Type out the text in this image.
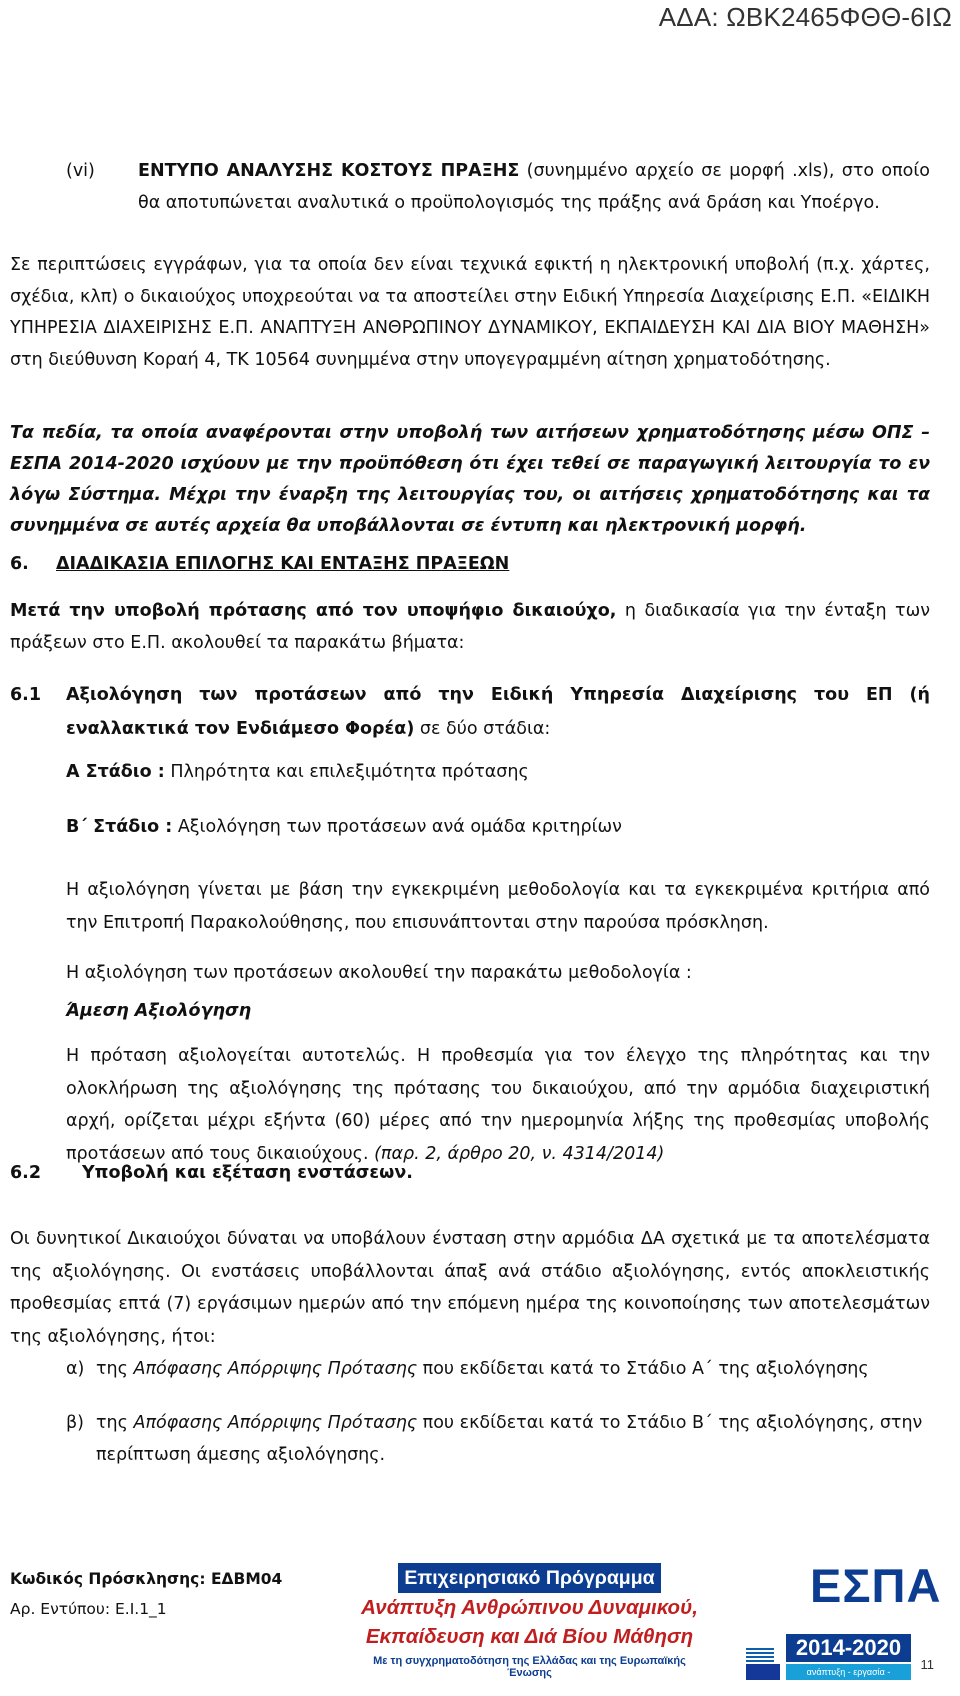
ΑΔΑ: ΩΒΚ2465ΦΘΘ-6ΙΩ
(vi) ΕΝΤΥΠΟ ΑΝΑΛΥΣΗΣ ΚΟΣΤΟΥΣ ΠΡΑΞΗΣ (συνημμένο αρχείο σε μορφή .xls), στο οποίο θα αποτυπώνεται αναλυτικά ο προϋπολογισμός της πράξης ανά δράση και Υποέργο.
Σε περιπτώσεις εγγράφων, για τα οποία δεν είναι τεχνικά εφικτή η ηλεκτρονική υποβολή (π.χ. χάρτες, σχέδια, κλπ) ο δικαιούχος υποχρεούται να τα αποστείλει στην Ειδική Υπηρεσία Διαχείρισης Ε.Π. «ΕΙΔΙΚΗ ΥΠΗΡΕΣΙΑ ΔΙΑΧΕΙΡΙΣΗΣ Ε.Π. ΑΝΑΠΤΥΞΗ ΑΝΘΡΩΠΙΝΟΥ ΔΥΝΑΜΙΚΟΥ, ΕΚΠΑΙΔΕΥΣΗ ΚΑΙ ΔΙΑ ΒΙΟΥ ΜΑΘΗΣΗ» στη διεύθυνση Κοραή 4, ΤΚ 10564 συνημμένα στην υπογεγραμμένη αίτηση χρηματοδότησης.
Τα πεδία, τα οποία αναφέρονται στην υποβολή των αιτήσεων χρηματοδότησης μέσω ΟΠΣ – ΕΣΠΑ 2014-2020 ισχύουν με την προϋπόθεση ότι έχει τεθεί σε παραγωγική λειτουργία το εν λόγω Σύστημα. Μέχρι την έναρξη της λειτουργίας του, οι αιτήσεις χρηματοδότησης και τα συνημμένα σε αυτές αρχεία θα υποβάλλονται σε έντυπη και ηλεκτρονική μορφή.
6. ΔΙΑΔΙΚΑΣΙΑ ΕΠΙΛΟΓΗΣ ΚΑΙ ΕΝΤΑΞΗΣ ΠΡΑΞΕΩΝ
Μετά την υποβολή πρότασης από τον υποψήφιο δικαιούχο, η διαδικασία για την ένταξη των πράξεων στο Ε.Π. ακολουθεί τα παρακάτω βήματα:
6.1 Αξιολόγηση των προτάσεων από την Ειδική Υπηρεσία Διαχείρισης του ΕΠ (ή εναλλακτικά τον Ενδιάμεσο Φορέα) σε δύο στάδια:
Α Στάδιο : Πληρότητα και επιλεξιμότητα πρότασης
Β΄ Στάδιο : Αξιολόγηση των προτάσεων ανά ομάδα κριτηρίων
Η αξιολόγηση γίνεται με βάση την εγκεκριμένη μεθοδολογία και τα εγκεκριμένα κριτήρια από την Επιτροπή Παρακολούθησης, που επισυνάπτονται στην παρούσα πρόσκληση.
Η αξιολόγηση των προτάσεων ακολουθεί την παρακάτω μεθοδολογία :
Άμεση Αξιολόγηση
Η πρόταση αξιολογείται αυτοτελώς. Η προθεσμία για τον έλεγχο της πληρότητας και την ολοκλήρωση της αξιολόγησης της πρότασης του δικαιούχου, από την αρμόδια διαχειριστική αρχή, ορίζεται μέχρι εξήντα (60) μέρες από την ημερομηνία λήξης της προθεσμίας υποβολής προτάσεων από τους δικαιούχους. (παρ. 2, άρθρο 20, ν. 4314/2014)
6.2 Υποβολή και εξέταση ενστάσεων.
Οι δυνητικοί Δικαιούχοι δύναται να υποβάλουν ένσταση στην αρμόδια ΔΑ σχετικά με τα αποτελέσματα της αξιολόγησης. Οι ενστάσεις υποβάλλονται άπαξ ανά στάδιο αξιολόγησης, εντός αποκλειστικής προθεσμίας επτά (7) εργάσιμων ημερών από την επόμενη ημέρα της κοινοποίησης των αποτελεσμάτων της αξιολόγησης, ήτοι:
α) της Απόφασης Απόρριψης Πρότασης που εκδίδεται κατά το Στάδιο Α΄ της αξιολόγησης
β) της Απόφασης Απόρριψης Πρότασης που εκδίδεται κατά το Στάδιο Β΄ της αξιολόγησης, στην περίπτωση άμεσης αξιολόγησης.
Κωδικός Πρόσκλησης: ΕΔΒΜ04
Αρ. Εντύπου: Ε.Ι.1_1
Επιχειρησιακό Πρόγραμμα
Ανάπτυξη Ανθρώπινου Δυναμικού,
Εκπαίδευση και Διά Βίου Μάθηση
Με τη συγχρηματοδότηση της Ελλάδας και της Ευρωπαϊκής Ένωσης
ΕΣΠΑ
2014-2020
ανάπτυξη - εργασία - αλληλεγγύη
11
